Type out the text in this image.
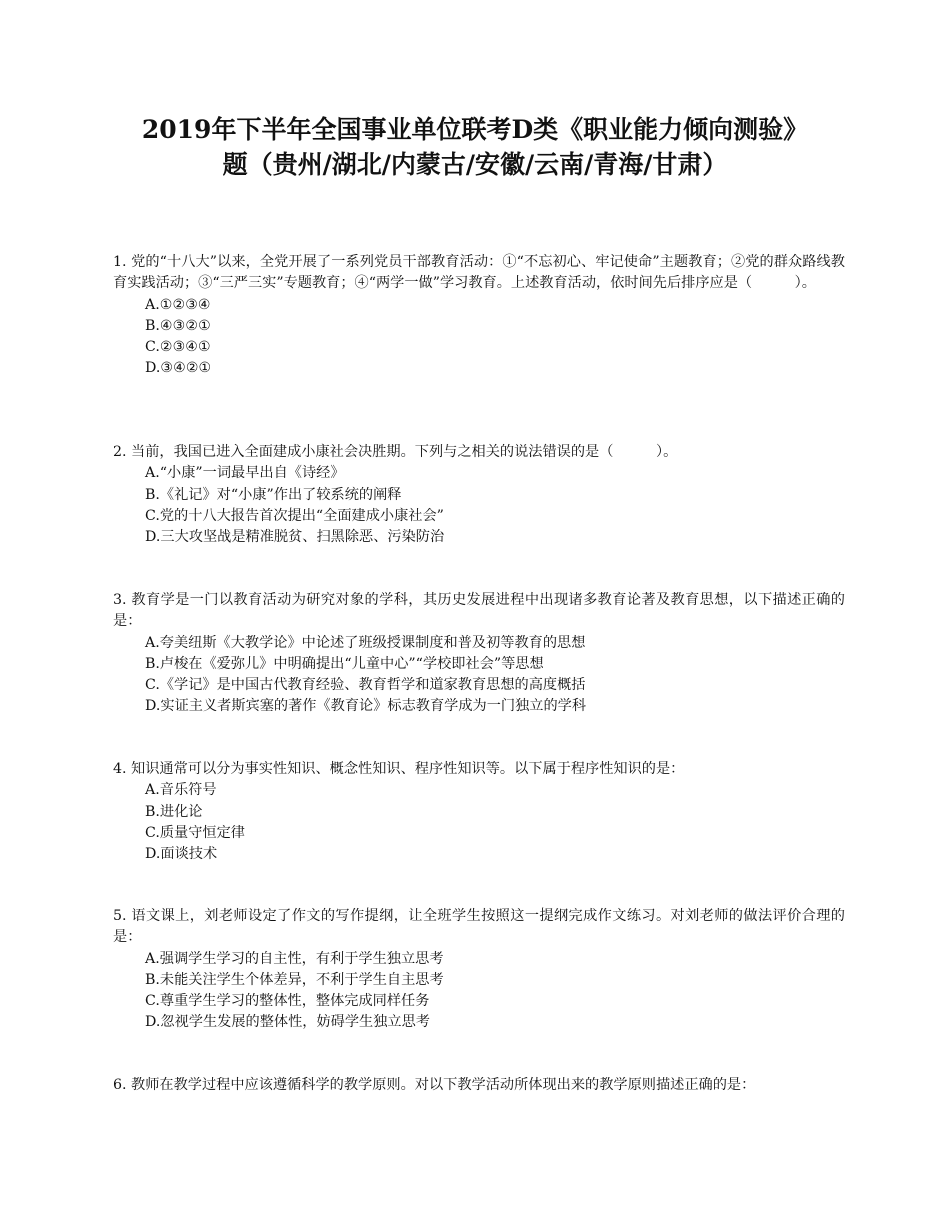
2019年下半年全国事业单位联考D类《职业能力倾向测验》
题（贵州/湖北/内蒙古/安徽/云南/青海/甘肃）

1. 党的“十八大”以来，全党开展了一系列党员干部教育活动：①“不忘初心、牢记使命”主题教育；②党的群众路线教育实践活动；③“三严三实”专题教育；④“两学一做”学习教育。上述教育活动，依时间先后排序应是（　　　）。

A.①②③④
B.④③②①
C.②③④①
D.③④②①

2. 当前，我国已进入全面建成小康社会决胜期。下列与之相关的说法错误的是（　　　）。

A.“小康”一词最早出自《诗经》
B.《礼记》对“小康”作出了较系统的阐释
C.党的十八大报告首次提出“全面建成小康社会”
D.三大攻坚战是精准脱贫、扫黑除恶、污染防治

3. 教育学是一门以教育活动为研究对象的学科，其历史发展进程中出现诸多教育论著及教育思想，以下描述正确的是：

A.夸美纽斯《大教学论》中论述了班级授课制度和普及初等教育的思想
B.卢梭在《爱弥儿》中明确提出“儿童中心”“学校即社会”等思想
C.《学记》是中国古代教育经验、教育哲学和道家教育思想的高度概括
D.实证主义者斯宾塞的著作《教育论》标志教育学成为一门独立的学科

4. 知识通常可以分为事实性知识、概念性知识、程序性知识等。以下属于程序性知识的是：

A.音乐符号
B.进化论
C.质量守恒定律
D.面谈技术

5. 语文课上，刘老师设定了作文的写作提纲，让全班学生按照这一提纲完成作文练习。对刘老师的做法评价合理的是：

A.强调学生学习的自主性，有利于学生独立思考
B.未能关注学生个体差异，不利于学生自主思考
C.尊重学生学习的整体性，整体完成同样任务
D.忽视学生发展的整体性，妨碍学生独立思考

6. 教师在教学过程中应该遵循科学的教学原则。对以下教学活动所体现出来的教学原则描述正确的是：
